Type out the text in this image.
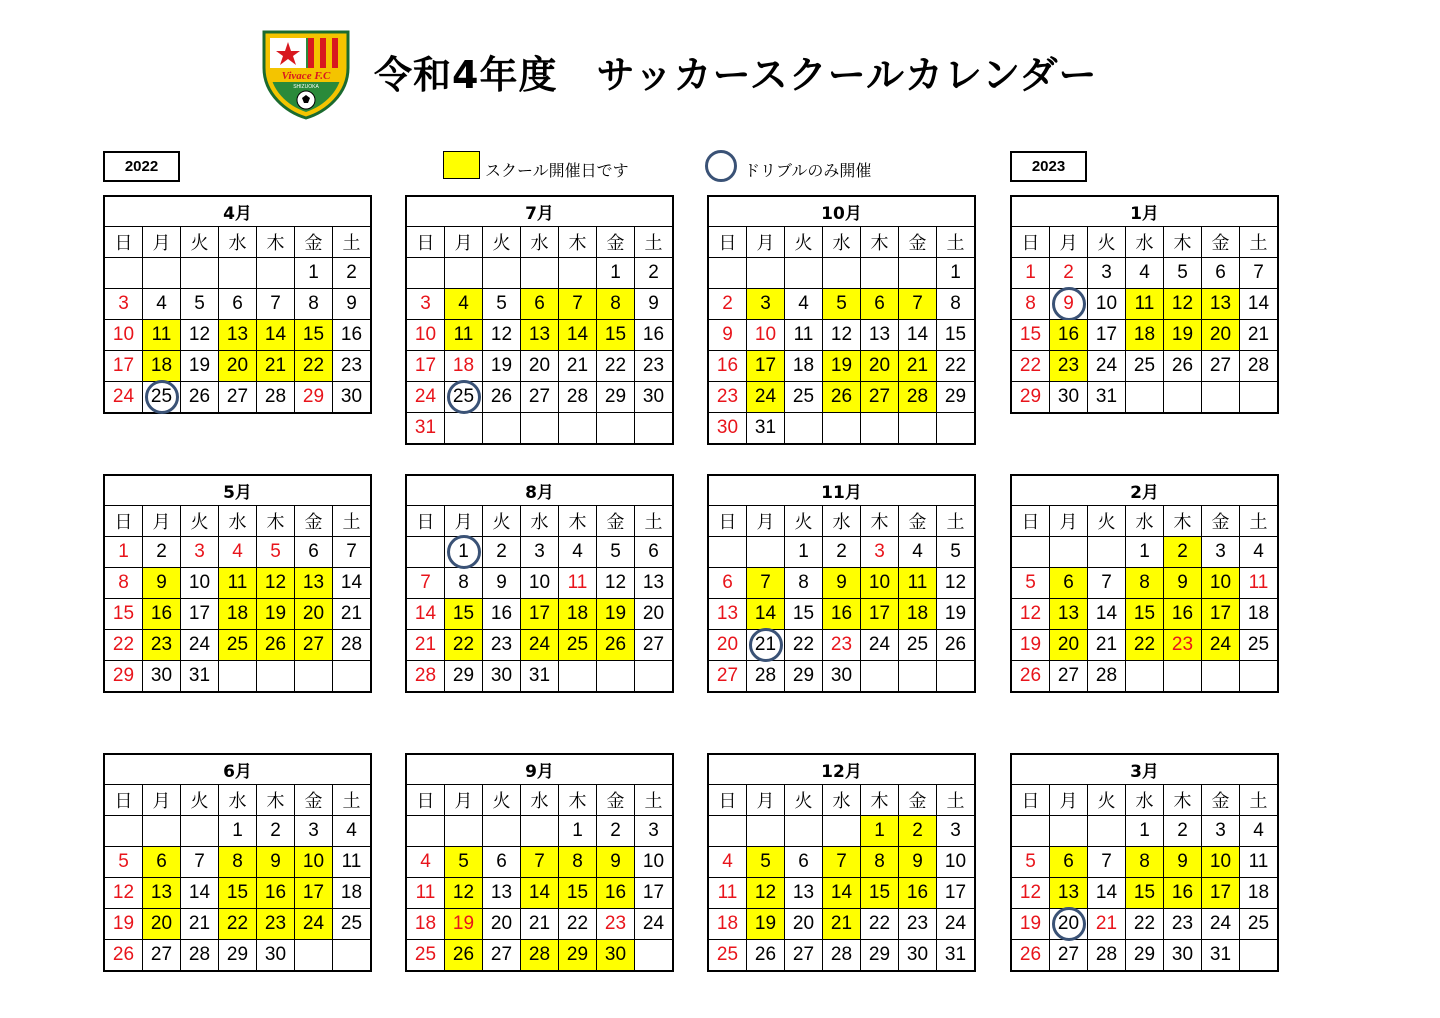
Vivace F.C
SHIZUOKA 令和4年度　サッカースクールカレンダー
2022	2023
スクール開催日です	ドリブルのみ開催
4月						
日	月	火	水	木	金	土
					1	2
3	4	5	6	7	8	9
10	11	12	13	14	15	16
17	18	19	20	21	22	23
24	25	26	27	28	29	30
7月						
日	月	火	水	木	金	土
					1	2
3	4	5	6	7	8	9
10	11	12	13	14	15	16
17	18	19	20	21	22	23
24	25	26	27	28	29	30
31						
10月						
日	月	火	水	木	金	土
						1
2	3	4	5	6	7	8
9	10	11	12	13	14	15
16	17	18	19	20	21	22
23	24	25	26	27	28	29
30	31					
1月						
日	月	火	水	木	金	土
1	2	3	4	5	6	7
8	9	10	11	12	13	14
15	16	17	18	19	20	21
22	23	24	25	26	27	28
29	30	31				
5月						
日	月	火	水	木	金	土
1	2	3	4	5	6	7
8	9	10	11	12	13	14
15	16	17	18	19	20	21
22	23	24	25	26	27	28
29	30	31				
8月						
日	月	火	水	木	金	土
	1	2	3	4	5	6
7	8	9	10	11	12	13
14	15	16	17	18	19	20
21	22	23	24	25	26	27
28	29	30	31			
11月						
日	月	火	水	木	金	土
		1	2	3	4	5
6	7	8	9	10	11	12
13	14	15	16	17	18	19
20	21	22	23	24	25	26
27	28	29	30			
2月						
日	月	火	水	木	金	土
			1	2	3	4
5	6	7	8	9	10	11
12	13	14	15	16	17	18
19	20	21	22	23	24	25
26	27	28				
6月						
日	月	火	水	木	金	土
			1	2	3	4
5	6	7	8	9	10	11
12	13	14	15	16	17	18
19	20	21	22	23	24	25
26	27	28	29	30		
9月						
日	月	火	水	木	金	土
				1	2	3
4	5	6	7	8	9	10
11	12	13	14	15	16	17
18	19	20	21	22	23	24
25	26	27	28	29	30	
12月						
日	月	火	水	木	金	土
				1	2	3
4	5	6	7	8	9	10
11	12	13	14	15	16	17
18	19	20	21	22	23	24
25	26	27	28	29	30	31
3月						
日	月	火	水	木	金	土
			1	2	3	4
5	6	7	8	9	10	11
12	13	14	15	16	17	18
19	20	21	22	23	24	25
26	27	28	29	30	31	
